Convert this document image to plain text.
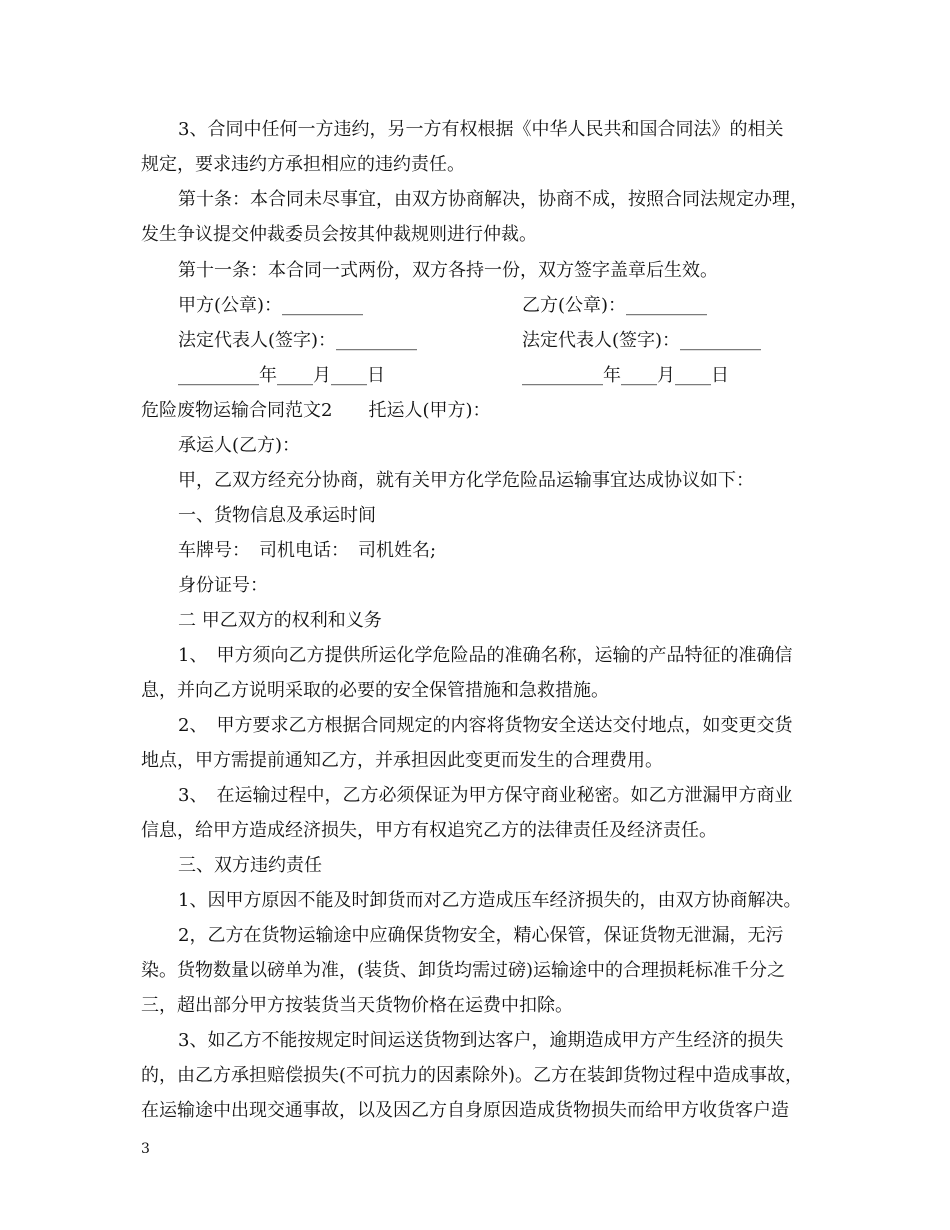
3、合同中任何一方违约，另一方有权根据《中华人民共和国合同法》的相关
规定，要求违约方承担相应的违约责任。
第十条：本合同未尽事宜，由双方协商解决，协商不成，按照合同法规定办理，
发生争议提交仲裁委员会按其仲裁规则进行仲裁。
第十一条：本合同一式两份，双方各持一份，双方签字盖章后生效。
甲方(公章)：_________	乙方(公章)：_________
法定代表人(签字)：_________	法定代表人(签字)：_________
_________年____月____日	_________年____月____日
危险废物运输合同范文2　　托运人(甲方)：
承运人(乙方)：
甲，乙双方经充分协商，就有关甲方化学危险品运输事宜达成协议如下：
一、货物信息及承运时间
车牌号：　司机电话：　司机姓名;
身份证号：
二 甲乙双方的权利和义务
1、　甲方须向乙方提供所运化学危险品的准确名称，运输的产品特征的准确信
息，并向乙方说明采取的必要的安全保管措施和急救措施。
2、　甲方要求乙方根据合同规定的内容将货物安全送达交付地点，如变更交货
地点，甲方需提前通知乙方，并承担因此变更而发生的合理费用。
3、　在运输过程中，乙方必须保证为甲方保守商业秘密。如乙方泄漏甲方商业
信息，给甲方造成经济损失，甲方有权追究乙方的法律责任及经济责任。
三、双方违约责任
1、因甲方原因不能及时卸货而对乙方造成压车经济损失的，由双方协商解决。
2，乙方在货物运输途中应确保货物安全，精心保管，保证货物无泄漏，无污
染。货物数量以磅单为准，(装货、卸货均需过磅)运输途中的合理损耗标准千分之
三，超出部分甲方按装货当天货物价格在运费中扣除。
3、如乙方不能按规定时间运送货物到达客户，逾期造成甲方产生经济的损失
的，由乙方承担赔偿损失(不可抗力的因素除外)。乙方在装卸货物过程中造成事故，
在运输途中出现交通事故，以及因乙方自身原因造成货物损失而给甲方收货客户造
3
